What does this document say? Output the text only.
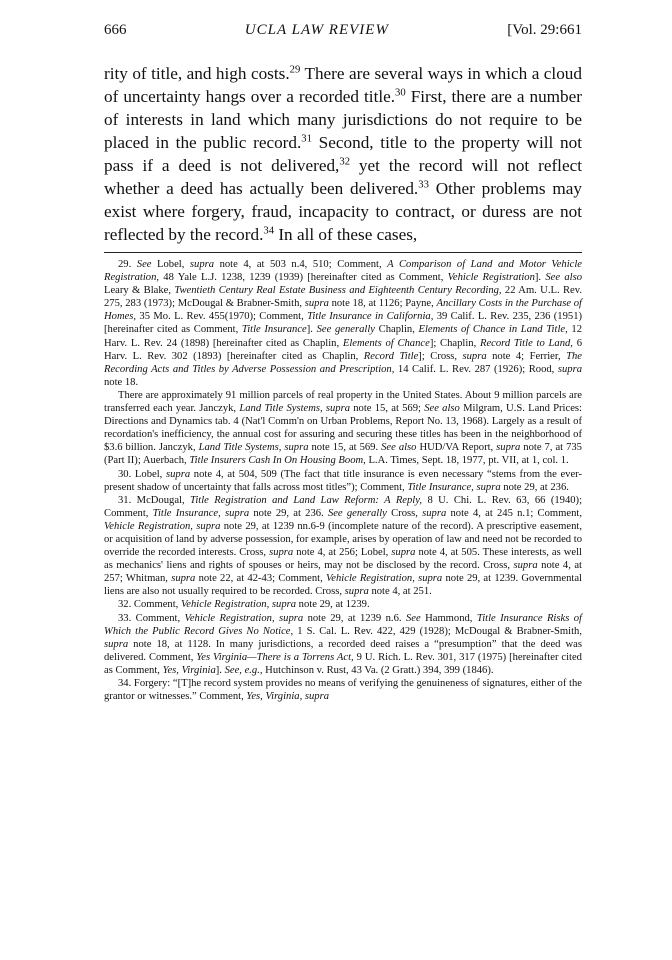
666	UCLA LAW REVIEW	[Vol. 29:661
rity of title, and high costs.$^{29}$ There are several ways in which a cloud of uncertainty hangs over a recorded title.$^{30}$ First, there are a number of interests in land which many jurisdictions do not require to be placed in the public record.$^{31}$ Second, title to the property will not pass if a deed is not delivered,$^{32}$ yet the record will not reflect whether a deed has actually been delivered.$^{33}$ Other problems may exist where forgery, fraud, incapacity to contract, or duress are not reflected by the record.$^{34}$ In all of these cases,

29. See Lobel, supra note 4, at 503 n.4, 510; Comment, A Comparison of Land and Motor Vehicle Registration, 48 Yale L.J. 1238, 1239 (1939) [hereinafter cited as Comment, Vehicle Registration]. See also Leary & Blake, Twentieth Century Real Estate Business and Eighteenth Century Recording, 22 Am. U.L. Rev. 275, 283 (1973); McDougal & Brabner-Smith, supra note 18, at 1126; Payne, Ancillary Costs in the Purchase of Homes, 35 Mo. L. Rev. 455(1970); Comment, Title Insurance in California, 39 Calif. L. Rev. 235, 236 (1951) [hereinafter cited as Comment, Title Insurance]. See generally Chaplin, Elements of Chance in Land Title, 12 Harv. L. Rev. 24 (1898) [hereinafter cited as Chaplin, Elements of Chance]; Chaplin, Record Title to Land, 6 Harv. L. Rev. 302 (1893) [hereinafter cited as Chaplin, Record Title]; Cross, supra note 4; Ferrier, The Recording Acts and Titles by Adverse Possession and Prescription, 14 Calif. L. Rev. 287 (1926); Rood, supra note 18.

There are approximately 91 million parcels of real property in the United States. About 9 million parcels are transferred each year. Janczyk, Land Title Systems, supra note 15, at 569; See also Milgram, U.S. Land Prices: Directions and Dynamics tab. 4 (Nat'l Comm'n on Urban Problems, Report No. 13, 1968). Largely as a result of recordation's inefficiency, the annual cost for assuring and securing these titles has been in the neighborhood of $3.6 billion. Janczyk, Land Title Systems, supra note 15, at 569. See also HUD/VA Report, supra note 7, at 735 (Part II); Auerbach, Title Insurers Cash In On Housing Boom, L.A. Times, Sept. 18, 1977, pt. VII, at 1, col. 1.

30. Lobel, supra note 4, at 504, 509 (The fact that title insurance is even necessary “stems from the ever-present shadow of uncertainty that falls across most titles”); Comment, Title Insurance, supra note 29, at 236.

31. McDougal, Title Registration and Land Law Reform: A Reply, 8 U. Chi. L. Rev. 63, 66 (1940); Comment, Title Insurance, supra note 29, at 236. See generally Cross, supra note 4, at 245 n.1; Comment, Vehicle Registration, supra note 29, at 1239 nn.6-9 (incomplete nature of the record). A prescriptive easement, or acquisition of land by adverse possession, for example, arises by operation of law and need not be recorded to override the recorded interests. Cross, supra note 4, at 256; Lobel, supra note 4, at 505. These interests, as well as mechanics' liens and rights of spouses or heirs, may not be disclosed by the record. Cross, supra note 4, at 257; Whitman, supra note 22, at 42-43; Comment, Vehicle Registration, supra note 29, at 1239. Governmental liens are also not usually required to be recorded. Cross, supra note 4, at 251.

32. Comment, Vehicle Registration, supra note 29, at 1239.

33. Comment, Vehicle Registration, supra note 29, at 1239 n.6. See Hammond, Title Insurance Risks of Which the Public Record Gives No Notice, 1 S. Cal. L. Rev. 422, 429 (1928); McDougal & Brabner-Smith, supra note 18, at 1128. In many jurisdictions, a recorded deed raises a “presumption” that the deed was delivered. Comment, Yes Virginia—There is a Torrens Act, 9 U. Rich. L. Rev. 301, 317 (1975) [hereinafter cited as Comment, Yes, Virginia]. See, e.g., Hutchinson v. Rust, 43 Va. (2 Gratt.) 394, 399 (1846).

34. Forgery: “[T]he record system provides no means of verifying the genuineness of signatures, either of the grantor or witnesses.” Comment, Yes, Virginia, supra
